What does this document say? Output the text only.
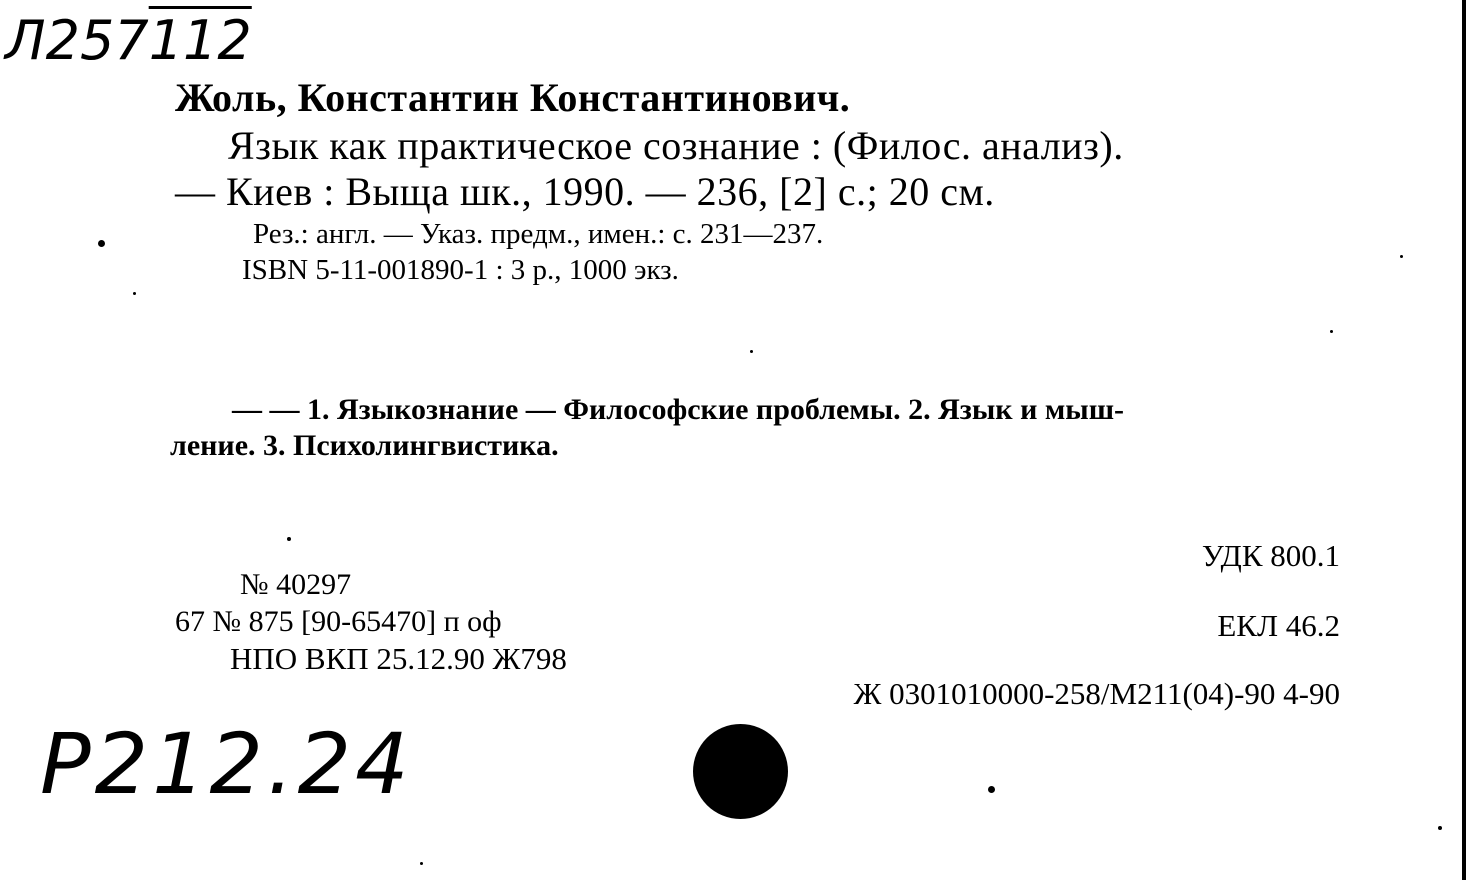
Л257112
Жоль, Константин Константинович.
Язык как практическое сознание : (Филос. анализ).
— Киев : Выща шк., 1990. — 236, [2] с.; 20 см.
Рез.: англ. — Указ. предм., имен.: с. 231—237.
ISBN 5-11-001890-1 : 3 р., 1000 экз.
— — 1. Языкознание — Философские проблемы. 2. Язык и мыш-
ление. 3. Психолингвистика.
№ 40297
67 № 875 [90-65470] п оф
НПО ВКП 25.12.90 Ж798
УДК 800.1
ЕКЛ 46.2
Ж 0301010000-258/М211(04)-90 4-90
Р212.24
